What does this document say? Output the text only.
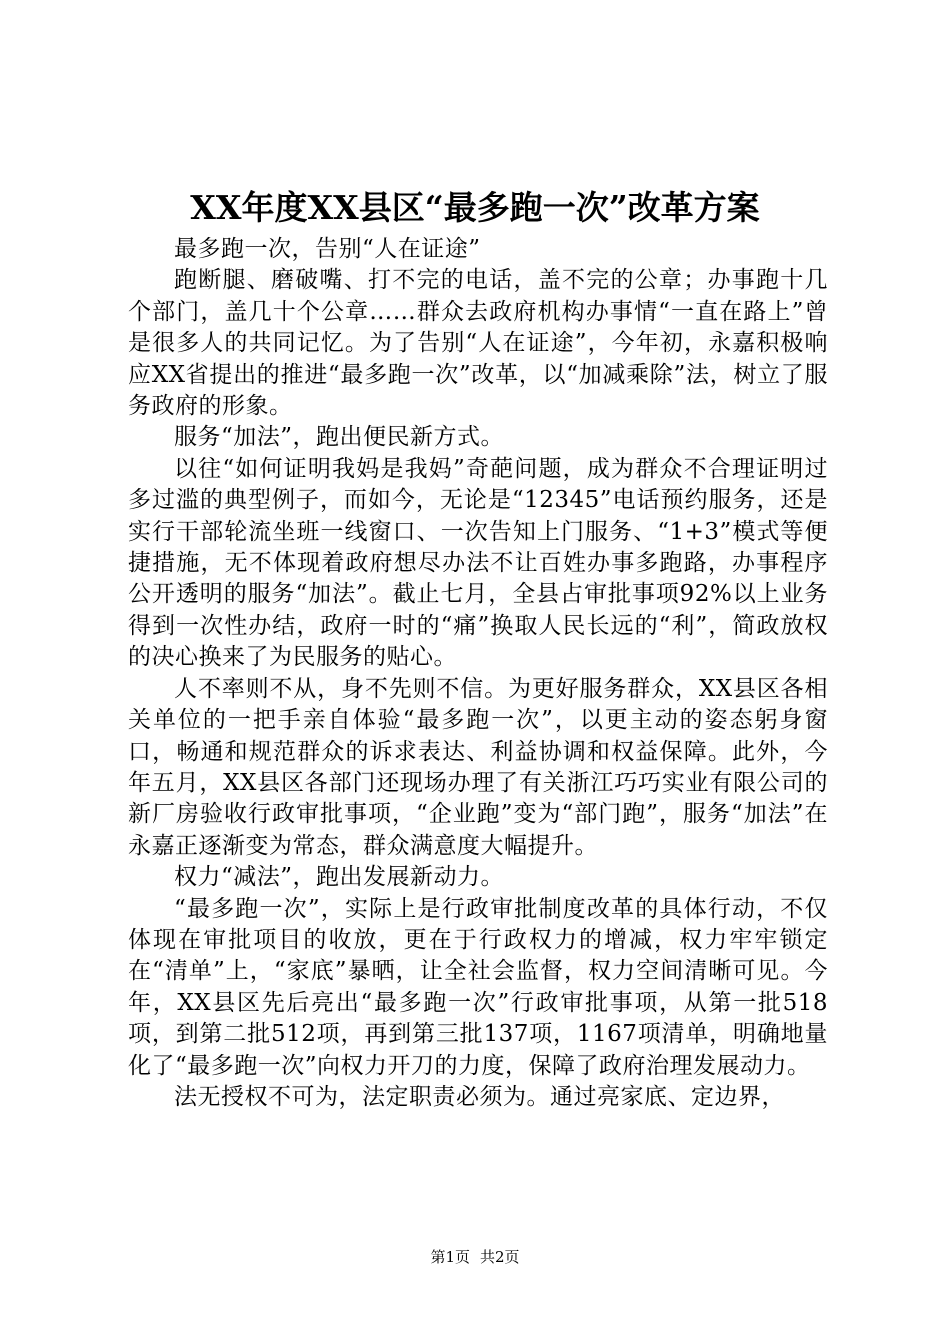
XX年度XX县区“最多跑一次”改革方案

最多跑一次，告别“人在证途”

跑断腿、磨破嘴、打不完的电话，盖不完的公章；办事跑十几个部门，盖几十个公章……群众去政府机构办事情“一直在路上”曾是很多人的共同记忆。为了告别“人在证途”，今年初，永嘉积极响应XX省提出的推进“最多跑一次”改革，以“加减乘除”法，树立了服务政府的形象。

服务“加法”，跑出便民新方式。

以往“如何证明我妈是我妈”奇葩问题，成为群众不合理证明过多过滥的典型例子，而如今，无论是“12345”电话预约服务，还是实行干部轮流坐班一线窗口、一次告知上门服务、“1+3”模式等便捷措施，无不体现着政府想尽办法不让百姓办事多跑路，办事程序公开透明的服务“加法”。截止七月，全县占审批事项92%以上业务得到一次性办结，政府一时的“痛”换取人民长远的“利”，简政放权的决心换来了为民服务的贴心。

人不率则不从，身不先则不信。为更好服务群众，XX县区各相关单位的一把手亲自体验“最多跑一次”，以更主动的姿态躬身窗口，畅通和规范群众的诉求表达、利益协调和权益保障。此外，今年五月，XX县区各部门还现场办理了有关浙江巧巧实业有限公司的新厂房验收行政审批事项，“企业跑”变为“部门跑”，服务“加法”在永嘉正逐渐变为常态，群众满意度大幅提升。

权力“减法”，跑出发展新动力。

“最多跑一次”，实际上是行政审批制度改革的具体行动，不仅体现在审批项目的收放，更在于行政权力的增减，权力牢牢锁定在“清单”上，“家底”暴晒，让全社会监督，权力空间清晰可见。今年，XX县区先后亮出“最多跑一次”行政审批事项，从第一批518项，到第二批512项，再到第三批137项，1167项清单，明确地量化了“最多跑一次”向权力开刀的力度，保障了政府治理发展动力。

法无授权不可为，法定职责必须为。通过亮家底、定边界，

第1页 共2页
